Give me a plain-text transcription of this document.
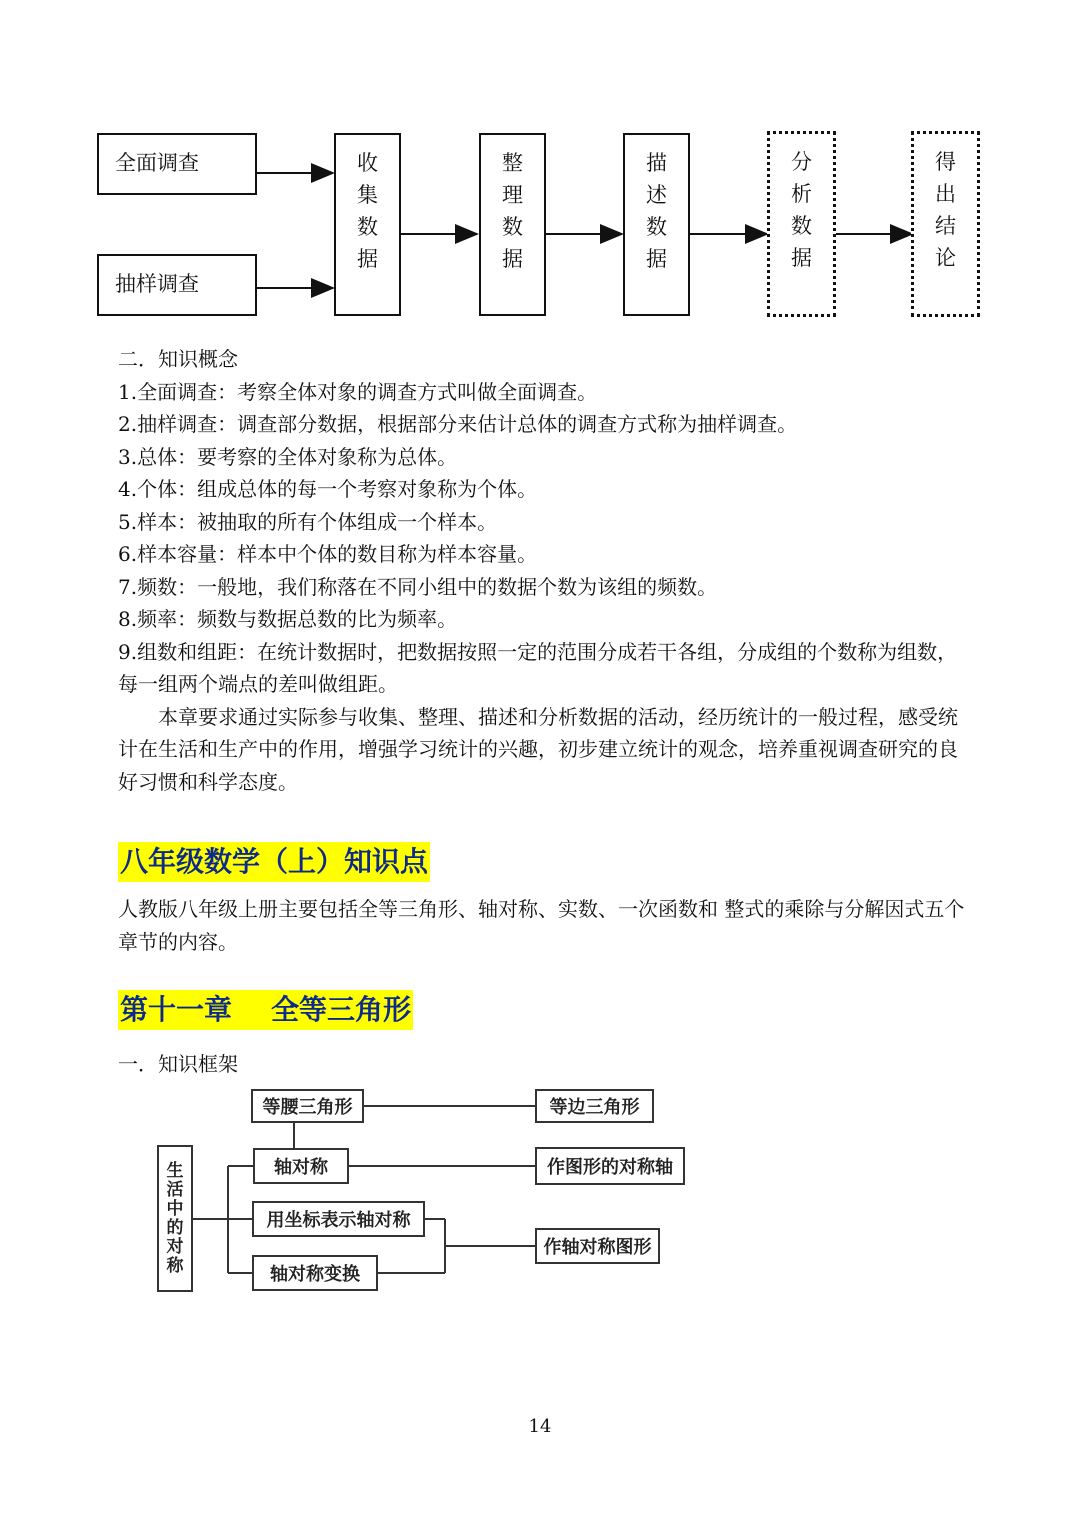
全面调查
抽样调查
收
集
数
据
整
理
数
据
描
述
数
据
分
析
数
据
得
出
结
论

二．知识概念

1.全面调查：考察全体对象的调查方式叫做全面调查。

2.抽样调查：调查部分数据，根据部分来估计总体的调查方式称为抽样调查。

3.总体：要考察的全体对象称为总体。

4.个体：组成总体的每一个考察对象称为个体。

5.样本：被抽取的所有个体组成一个样本。

6.样本容量：样本中个体的数目称为样本容量。

7.频数：一般地，我们称落在不同小组中的数据个数为该组的频数。

8.频率：频数与数据总数的比为频率。

9.组数和组距：在统计数据时，把数据按照一定的范围分成若干各组，分成组的个数称为组数，每一组两个端点的差叫做组距。

本章要求通过实际参与收集、整理、描述和分析数据的活动，经历统计的一般过程，感受统计在生活和生产中的作用，增强学习统计的兴趣，初步建立统计的观念，培养重视调查研究的良好习惯和科学态度。

八年级数学（上）知识点

人教版八年级上册主要包括全等三角形、轴对称、实数、一次函数和 整式的乘除与分解因式五个章节的内容。

第十一章    全等三角形
一．知识框架
生
活
中
的
对
称
等腰三角形	等边三角形
轴对称	作图形的对称轴
用坐标表示轴对称
作轴对称图形
轴对称变换
14
